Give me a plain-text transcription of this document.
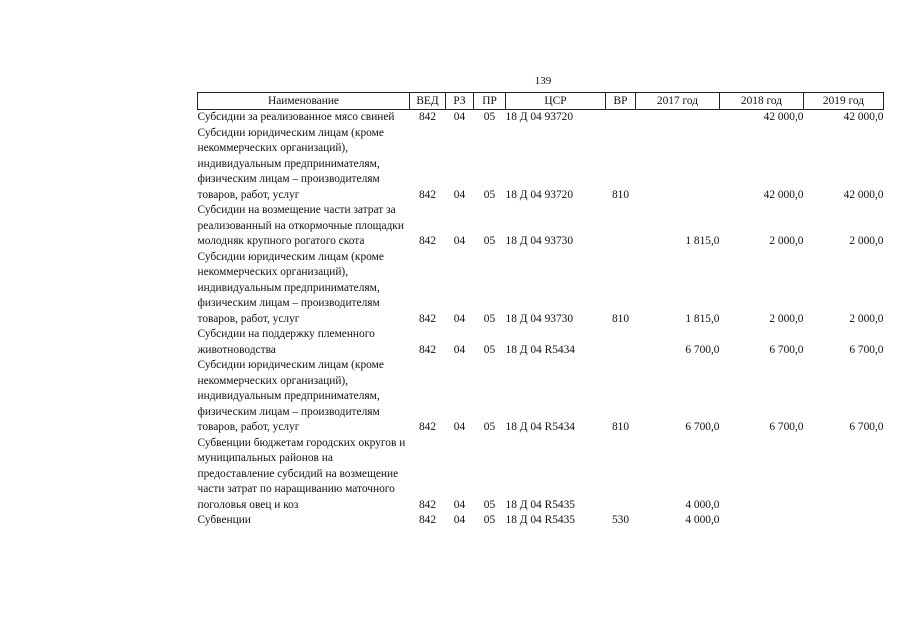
139
Наименование	ВЕД	РЗ	ПР	ЦСР	ВР	2017 год	2018 год	2019 год
Субсидии за реализованное мясо свиней	842	04	05	18 Д 04 93720			42 000,0	42 000,0
Субсидии юридическим лицам (кроме некоммерческих организаций), индивидуальным предпринимателям, физическим лицам – производителям товаров, работ, услуг	842	04	05	18 Д 04 93720	810		42 000,0	42 000,0
Субсидии на возмещение части затрат за реализованный на откормочные площадки молодняк крупного рогатого скота	842	04	05	18 Д 04 93730		1 815,0	2 000,0	2 000,0
Субсидии юридическим лицам (кроме некоммерческих организаций), индивидуальным предпринимателям, физическим лицам – производителям товаров, работ, услуг	842	04	05	18 Д 04 93730	810	1 815,0	2 000,0	2 000,0
Субсидии на поддержку племенного животноводства	842	04	05	18 Д 04 R5434		6 700,0	6 700,0	6 700,0
Субсидии юридическим лицам (кроме некоммерческих организаций), индивидуальным предпринимателям, физическим лицам – производителям товаров, работ, услуг	842	04	05	18 Д 04 R5434	810	6 700,0	6 700,0	6 700,0
Субвенции бюджетам городских округов и муниципальных районов на предоставление субсидий на возмещение части затрат по наращиванию маточного поголовья овец и коз	842	04	05	18 Д 04 R5435		4 000,0		
Субвенции	842	04	05	18 Д 04 R5435	530	4 000,0		
